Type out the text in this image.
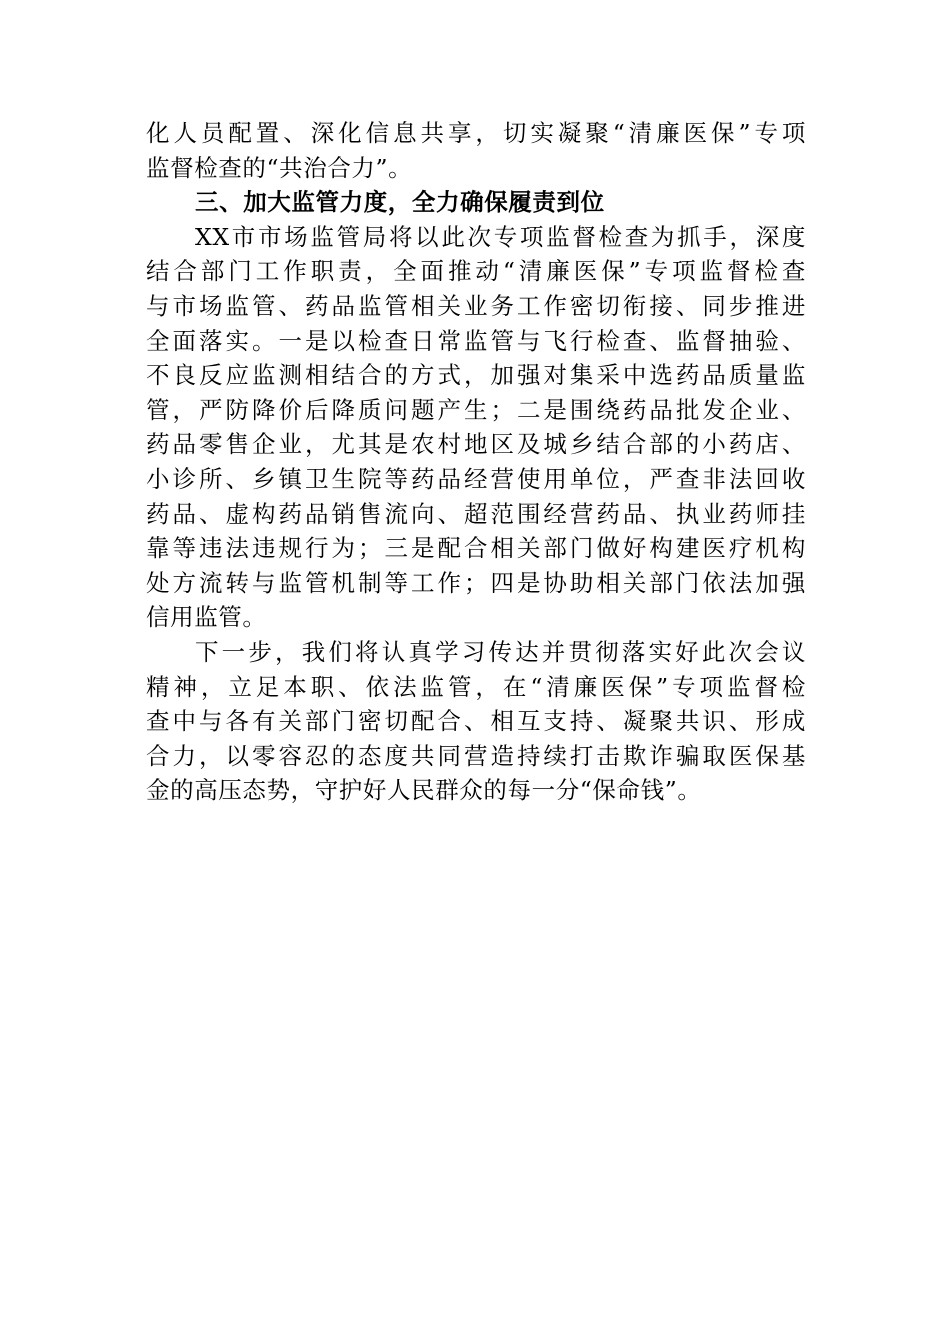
化人员配置、深化信息共享，切实凝聚“清廉医保”专项
监督检查的“共治合力”。
三、加大监管力度，全力确保履责到位
XX市市场监管局将以此次专项监督检查为抓手，深度
结合部门工作职责，全面推动“清廉医保”专项监督检查
与市场监管、药品监管相关业务工作密切衔接、同步推进
全面落实。一是以检查日常监管与飞行检查、监督抽验、
不良反应监测相结合的方式，加强对集采中选药品质量监
管，严防降价后降质问题产生；二是围绕药品批发企业、
药品零售企业，尤其是农村地区及城乡结合部的小药店、
小诊所、乡镇卫生院等药品经营使用单位，严查非法回收
药品、虚构药品销售流向、超范围经营药品、执业药师挂
靠等违法违规行为；三是配合相关部门做好构建医疗机构
处方流转与监管机制等工作；四是协助相关部门依法加强
信用监管。
下一步，我们将认真学习传达并贯彻落实好此次会议
精神，立足本职、依法监管，在“清廉医保”专项监督检
查中与各有关部门密切配合、相互支持、凝聚共识、形成
合力，以零容忍的态度共同营造持续打击欺诈骗取医保基
金的高压态势，守护好人民群众的每一分“保命钱”。
